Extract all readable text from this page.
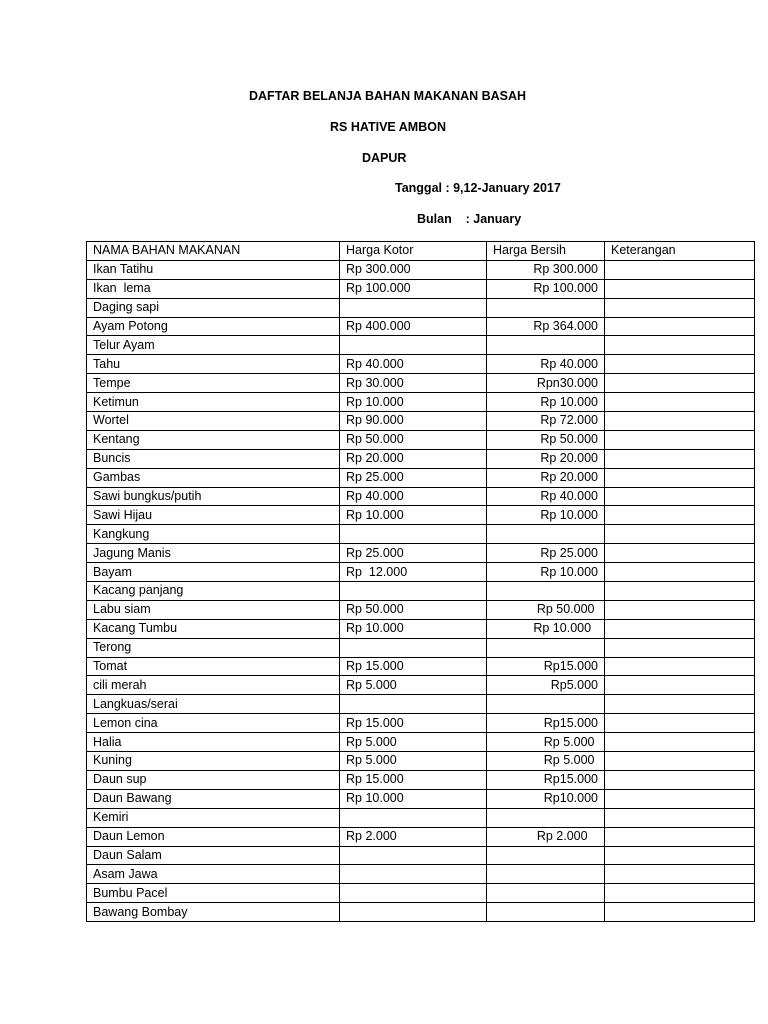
DAFTAR BELANJA BAHAN MAKANAN BASAH
RS HATIVE AMBON
DAPUR
Tanggal : 9,12-January 2017
Bulan    : January
NAMA BAHAN MAKANAN	Harga Kotor	Harga Bersih	Keterangan
Ikan Tatihu	Rp 300.000	Rp 300.000	
Ikan  lema	Rp 100.000	Rp 100.000	
Daging sapi			
Ayam Potong	Rp 400.000	Rp 364.000	
Telur Ayam			
Tahu	Rp 40.000	Rp 40.000	
Tempe	Rp 30.000	Rpn30.000	
Ketimun	Rp 10.000	Rp 10.000	
Wortel	Rp 90.000	Rp 72.000	
Kentang	Rp 50.000	Rp 50.000	
Buncis	Rp 20.000	Rp 20.000	
Gambas	Rp 25.000	Rp 20.000	
Sawi bungkus/putih	Rp 40.000	Rp 40.000	
Sawi Hijau	Rp 10.000	Rp 10.000	
Kangkung			
Jagung Manis	Rp 25.000	Rp 25.000	
Bayam	Rp  12.000	Rp 10.000	
Kacang panjang			
Labu siam	Rp 50.000	Rp 50.000	
Kacang Tumbu	Rp 10.000	Rp 10.000	
Terong			
Tomat	Rp 15.000	Rp15.000	
cili merah	Rp 5.000	Rp5.000	
Langkuas/serai			
Lemon cina	Rp 15.000	Rp15.000	
Halia	Rp 5.000	Rp 5.000	
Kuning	Rp 5.000	Rp 5.000	
Daun sup	Rp 15.000	Rp15.000	
Daun Bawang	Rp 10.000	Rp10.000	
Kemiri			
Daun Lemon	Rp 2.000	Rp 2.000	
Daun Salam			
Asam Jawa			
Bumbu Pacel			
Bawang Bombay			
